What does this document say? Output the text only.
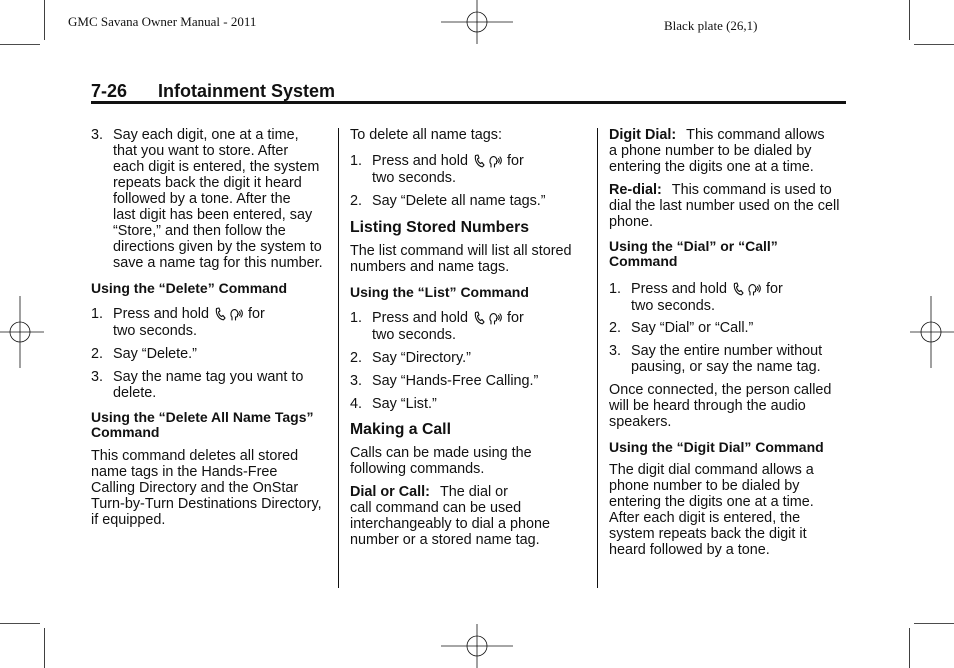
GMC Savana Owner Manual - 2011	Black plate (26,1)
7-26 Infotainment System
3. Say each digit, one at a time,
that you want to store. After
each digit is entered, the system
repeats back the digit it heard
followed by a tone. After the
last digit has been entered, say
“Store,” and then follow the
directions given by the system to
save a name tag for this number.
Using the “Delete” Command
1. Press and hold	for
two seconds.
2. Say “Delete.”
3. Say the name tag you want to
delete.
Using the “Delete All Name Tags”
Command
This command deletes all stored
name tags in the Hands-Free
Calling Directory and the OnStar
Turn-by-Turn Destinations Directory,
if equipped.
To delete all name tags:
1. Press and hold	for
two seconds.
2. Say “Delete all name tags.”
Listing Stored Numbers
The list command will list all stored
numbers and name tags.
Using the “List” Command
1. Press and hold	for
two seconds.
2. Say “Directory.”
3. Say “Hands-Free Calling.”
4. Say “List.”
Making a Call
Calls can be made using the
following commands.
Dial or Call: The dial or
call command can be used
interchangeably to dial a phone
number or a stored name tag.
Digit Dial: This command allows
a phone number to be dialed by
entering the digits one at a time.
Re-dial: This command is used to
dial the last number used on the cell
phone.
Using the “Dial” or “Call”
Command
1. Press and hold	for
two seconds.
2. Say “Dial” or “Call.”
3. Say the entire number without
pausing, or say the name tag.
Once connected, the person called
will be heard through the audio
speakers.
Using the “Digit Dial” Command
The digit dial command allows a
phone number to be dialed by
entering the digits one at a time.
After each digit is entered, the
system repeats back the digit it
heard followed by a tone.
